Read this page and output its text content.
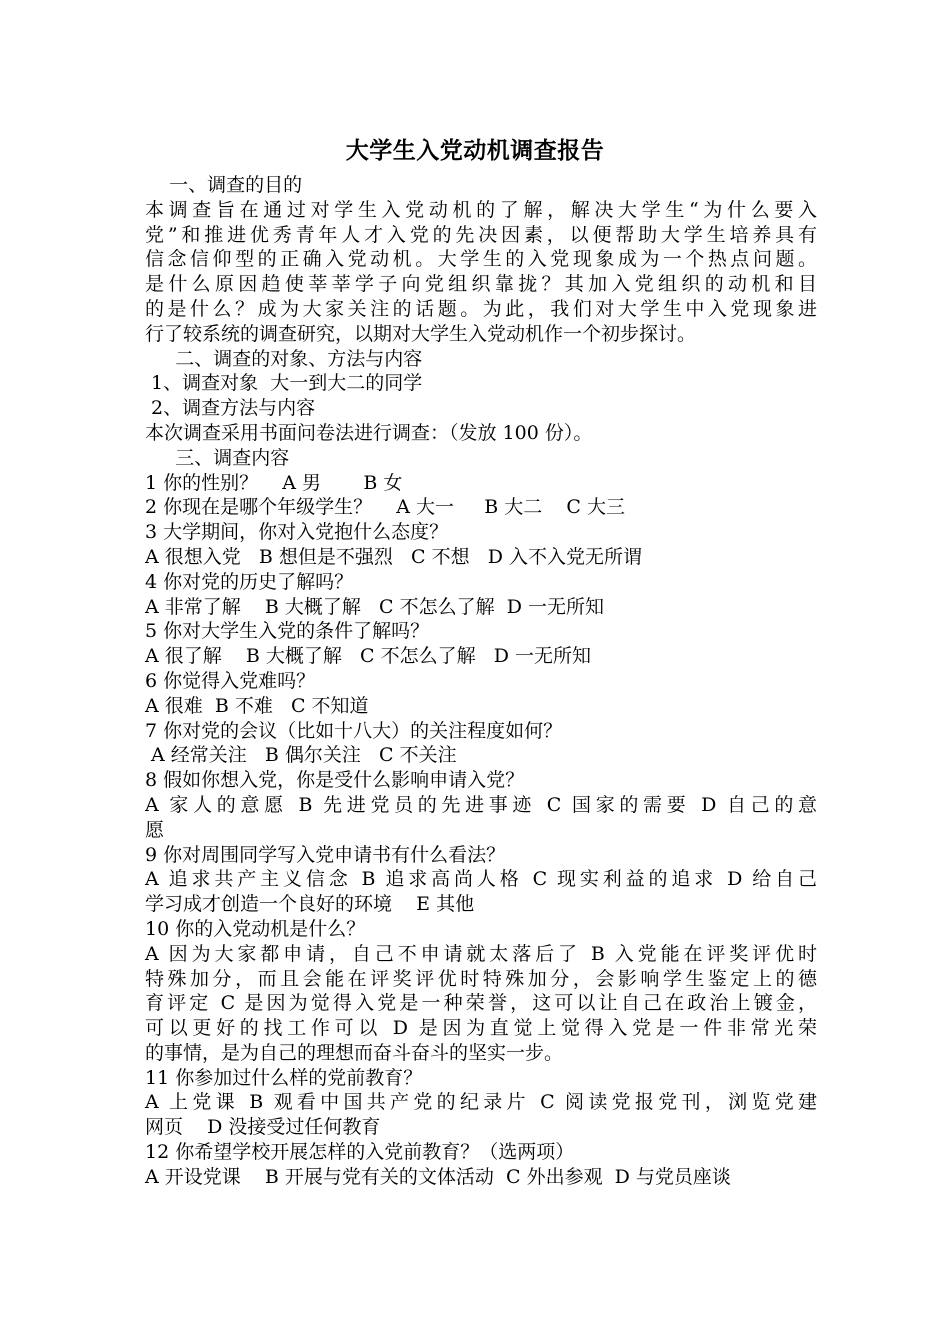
大学生入党动机调查报告
一、调查的目的
本调查旨在通过对学生入党动机的了解，解决大学生“为什么要入
党”和推进优秀青年人才入党的先决因素，以便帮助大学生培养具有
信念信仰型的正确入党动机。大学生的入党现象成为一个热点问题。
是什么原因趋使莘莘学子向党组织靠拢？其加入党组织的动机和目
的是什么？成为大家关注的话题。为此，我们对大学生中入党现象进
行了较系统的调查研究，以期对大学生入党动机作一个初步探讨。
二、调查的对象、方法与内容
1、调查对象  大一到大二的同学
2、调查方法与内容
本次调查采用书面问卷法进行调查：（发放 100 份）。
三、调查内容
1 你的性别？    A 男       B 女
2 你现在是哪个年级学生？    A 大一     B 大二    C 大三
3 大学期间，你对入党抱什么态度？
A 很想入党   B 想但是不强烈   C 不想   D 入不入党无所谓
4 你对党的历史了解吗？
A 非常了解    B 大概了解   C 不怎么了解  D 一无所知
5 你对大学生入党的条件了解吗？
A 很了解    B 大概了解   C 不怎么了解   D 一无所知
6 你觉得入党难吗？
A 很难  B 不难   C 不知道
7 你对党的会议（比如十八大）的关注程度如何？
A 经常关注   B 偶尔关注   C 不关注
8 假如你想入党，你是受什么影响申请入党？
A 家人的意愿 B 先进党员的先进事迹 C 国家的需要 D 自己的意
愿
9 你对周围同学写入党申请书有什么看法？
A 追求共产主义信念 B 追求高尚人格 C 现实利益的追求 D 给自己
学习成才创造一个良好的环境    E 其他
10 你的入党动机是什么？
A 因为大家都申请，自己不申请就太落后了 B 入党能在评奖评优时
特殊加分，而且会能在评奖评优时特殊加分，会影响学生鉴定上的德
育评定 C 是因为觉得入党是一种荣誉，这可以让自己在政治上镀金，
可以更好的找工作可以 D 是因为直觉上觉得入党是一件非常光荣
的事情，是为自己的理想而奋斗奋斗的坚实一步。
11 你参加过什么样的党前教育？
A 上党课 B 观看中国共产党的纪录片 C 阅读党报党刊，浏览党建
网页    D 没接受过任何教育
12 你希望学校开展怎样的入党前教育？（选两项）
A 开设党课    B 开展与党有关的文体活动  C 外出参观  D 与党员座谈
